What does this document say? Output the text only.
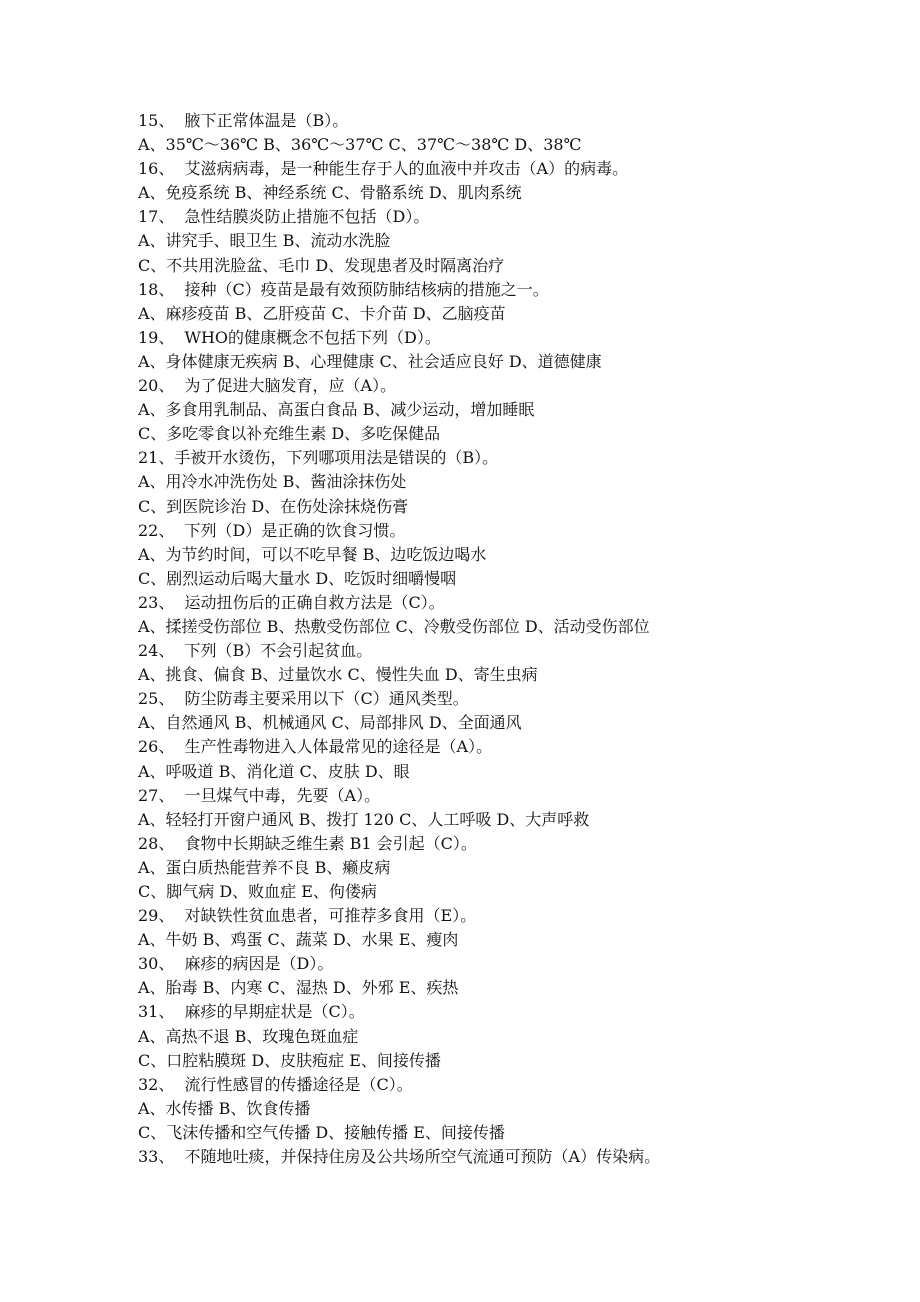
15、  腋下正常体温是（B）。
A、35℃～36℃ B、36℃～37℃ C、37℃～38℃ D、38℃
16、  艾滋病病毒，是一种能生存于人的血液中并攻击（A）的病毒。
A、免疫系统 B、神经系统 C、骨骼系统 D、肌肉系统
17、  急性结膜炎防止措施不包括（D）。
A、讲究手、眼卫生 B、流动水洗脸
C、不共用洗脸盆、毛巾 D、发现患者及时隔离治疗
18、  接种（C）疫苗是最有效预防肺结核病的措施之一。
A、麻疹疫苗 B、乙肝疫苗 C、卡介苗 D、乙脑疫苗
19、  WHO的健康概念不包括下列（D）。
A、身体健康无疾病 B、心理健康 C、社会适应良好 D、道德健康
20、  为了促进大脑发育，应（A）。
A、多食用乳制品、高蛋白食品 B、减少运动，增加睡眠
C、多吃零食以补充维生素 D、多吃保健品
21、手被开水烫伤，下列哪项用法是错误的（B）。
A、用冷水冲洗伤处 B、酱油涂抹伤处
C、到医院诊治 D、在伤处涂抹烧伤膏
22、  下列（D）是正确的饮食习惯。
A、为节约时间，可以不吃早餐 B、边吃饭边喝水
C、剧烈运动后喝大量水 D、吃饭时细嚼慢咽
23、  运动扭伤后的正确自救方法是（C）。
A、揉搓受伤部位 B、热敷受伤部位 C、冷敷受伤部位 D、活动受伤部位
24、  下列（B）不会引起贫血。
A、挑食、偏食 B、过量饮水 C、慢性失血 D、寄生虫病
25、  防尘防毒主要采用以下（C）通风类型。
A、自然通风 B、机械通风 C、局部排风 D、全面通风
26、  生产性毒物进入人体最常见的途径是（A）。
A、呼吸道 B、消化道 C、皮肤 D、眼
27、  一旦煤气中毒，先要（A）。
A、轻轻打开窗户通风 B、拨打 120 C、人工呼吸 D、大声呼救
28、  食物中长期缺乏维生素 B1 会引起（C）。
A、蛋白质热能营养不良 B、癞皮病
C、脚气病 D、败血症 E、佝偻病
29、  对缺铁性贫血患者，可推荐多食用（E）。
A、牛奶 B、鸡蛋 C、蔬菜 D、水果 E、瘦肉
30、  麻疹的病因是（D）。
A、胎毒 B、内寒 C、湿热 D、外邪 E、疾热
31、  麻疹的早期症状是（C）。
A、高热不退 B、玫瑰色斑血症
C、口腔粘膜斑 D、皮肤疱症 E、间接传播
32、  流行性感冒的传播途径是（C）。
A、水传播 B、饮食传播
C、飞沫传播和空气传播 D、接触传播 E、间接传播
33、  不随地吐痰，并保持住房及公共场所空气流通可预防（A）传染病。
